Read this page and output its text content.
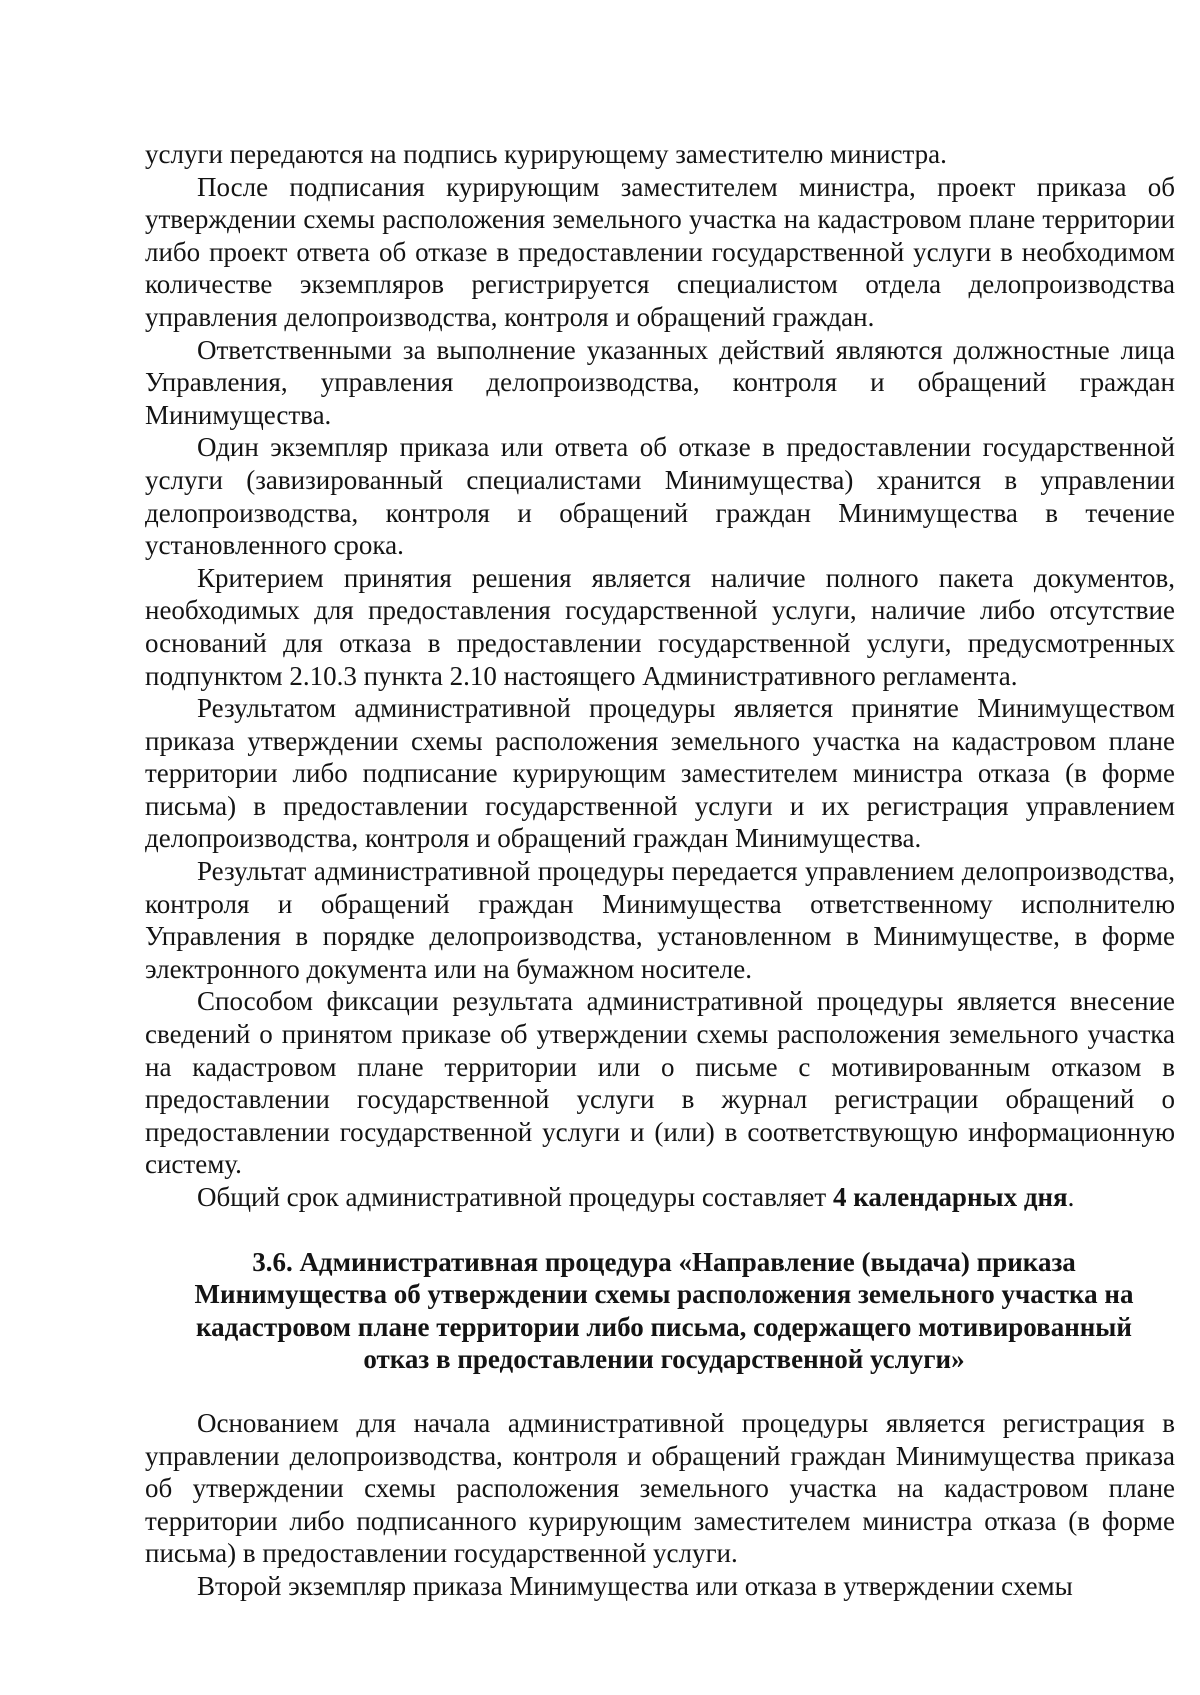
услуги передаются на подпись курирующему заместителю министра.

После подписания курирующим заместителем министра, проект приказа об утверждении схемы расположения земельного участка на кадастровом плане территории либо проект ответа об отказе в предоставлении государственной услуги в необходимом количестве экземпляров регистрируется специалистом отдела делопроизводства управления делопроизводства, контроля и обращений граждан.

Ответственными за выполнение указанных действий являются должностные лица Управления, управления делопроизводства, контроля и обращений граждан Минимущества.

Один экземпляр приказа или ответа об отказе в предоставлении государственной услуги (завизированный специалистами Минимущества) хранится в управлении делопроизводства, контроля и обращений граждан Минимущества в течение установленного срока.

Критерием принятия решения является наличие полного пакета документов, необходимых для предоставления государственной услуги, наличие либо отсутствие оснований для отказа в предоставлении государственной услуги, предусмотренных подпунктом 2.10.3 пункта 2.10 настоящего Административного регламента.

Результатом административной процедуры является принятие Минимуществом приказа утверждении схемы расположения земельного участка на кадастровом плане территории либо подписание курирующим заместителем министра отказа (в форме письма) в предоставлении государственной услуги и их регистрация управлением делопроизводства, контроля и обращений граждан Минимущества.

Результат административной процедуры передается управлением делопроизводства, контроля и обращений граждан Минимущества ответственному исполнителю Управления в порядке делопроизводства, установленном в Минимуществе, в форме электронного документа или на бумажном носителе.

Способом фиксации результата административной процедуры является внесение сведений о принятом приказе об утверждении схемы расположения земельного участка на кадастровом плане территории или о письме с мотивированным отказом в предоставлении государственной услуги в журнал регистрации обращений о предоставлении государственной услуги и (или) в соответствующую информационную систему.

Общий срок административной процедуры составляет 4 календарных дня.

3.6. Административная процедура «Направление (выдача) приказа
Минимущества об утверждении схемы расположения земельного участка на
кадастровом плане территории либо письма, содержащего мотивированный
отказ в предоставлении государственной услуги»

Основанием для начала административной процедуры является регистрация в управлении делопроизводства, контроля и обращений граждан Минимущества приказа об утверждении схемы расположения земельного участка на кадастровом плане территории либо подписанного курирующим заместителем министра отказа (в форме письма) в предоставлении государственной услуги.

Второй экземпляр приказа Минимущества или отказа в утверждении схемы
